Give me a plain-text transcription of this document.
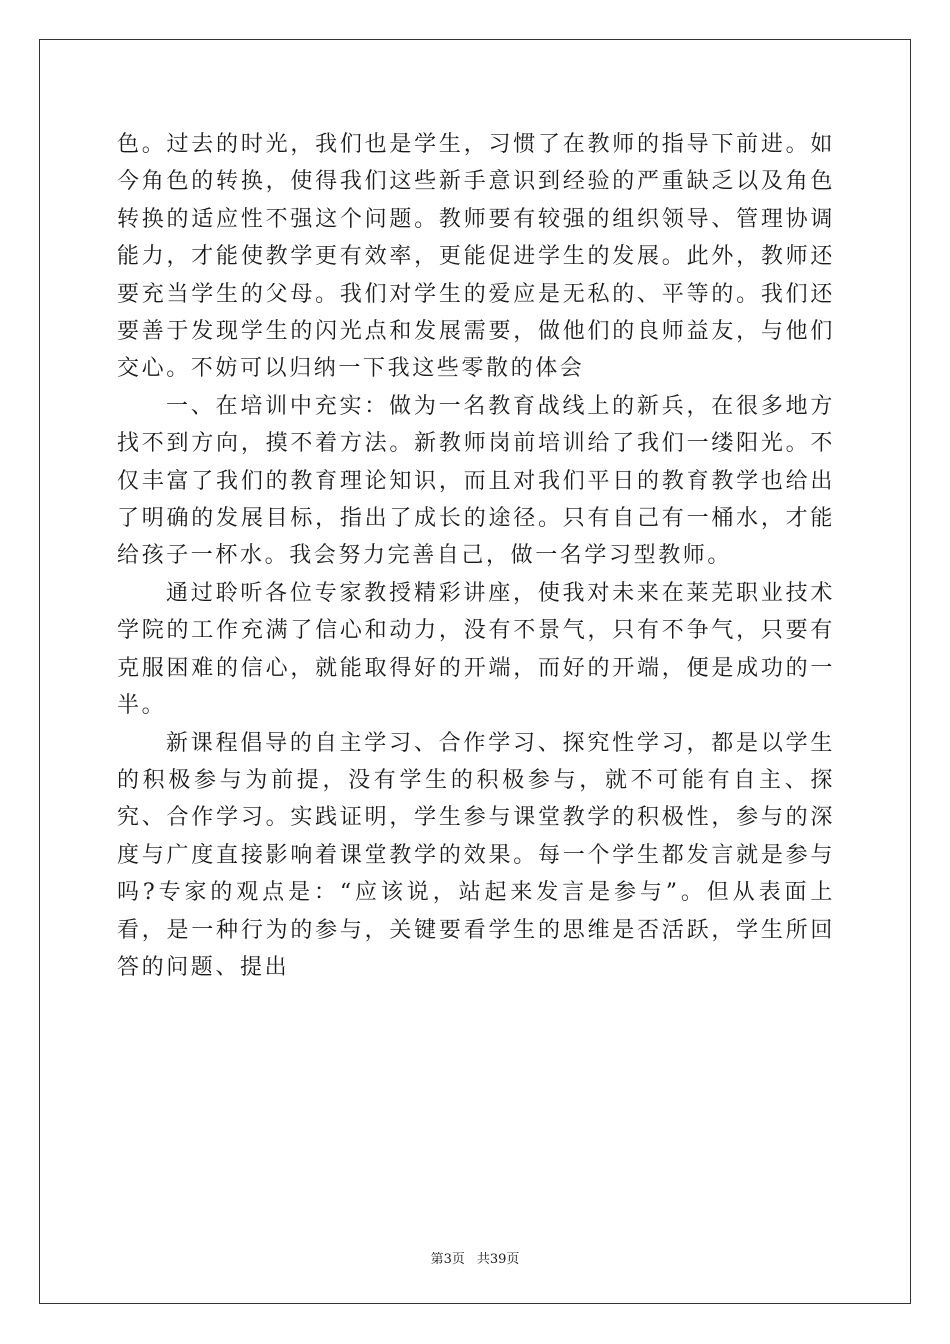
色。过去的时光，我们也是学生，习惯了在教师的指导下前进。如今角色的转换，使得我们这些新手意识到经验的严重缺乏以及角色转换的适应性不强这个问题。教师要有较强的组织领导、管理协调能力，才能使教学更有效率，更能促进学生的发展。此外，教师还要充当学生的父母。我们对学生的爱应是无私的、平等的。我们还要善于发现学生的闪光点和发展需要，做他们的良师益友，与他们交心。不妨可以归纳一下我这些零散的体会

一、在培训中充实：做为一名教育战线上的新兵，在很多地方找不到方向，摸不着方法。新教师岗前培训给了我们一缕阳光。不仅丰富了我们的教育理论知识，而且对我们平日的教育教学也给出了明确的发展目标，指出了成长的途径。只有自己有一桶水，才能给孩子一杯水。我会努力完善自己，做一名学习型教师。

通过聆听各位专家教授精彩讲座，使我对未来在莱芜职业技术学院的工作充满了信心和动力，没有不景气，只有不争气，只要有克服困难的信心，就能取得好的开端，而好的开端，便是成功的一半。

新课程倡导的自主学习、合作学习、探究性学习，都是以学生的积极参与为前提，没有学生的积极参与，就不可能有自主、探究、合作学习。实践证明，学生参与课堂教学的积极性，参与的深度与广度直接影响着课堂教学的效果。每一个学生都发言就是参与吗?专家的观点是：“应该说，站起来发言是参与”。但从表面上看，是一种行为的参与，关键要看学生的思维是否活跃，学生所回答的问题、提出

第3页 共39页
